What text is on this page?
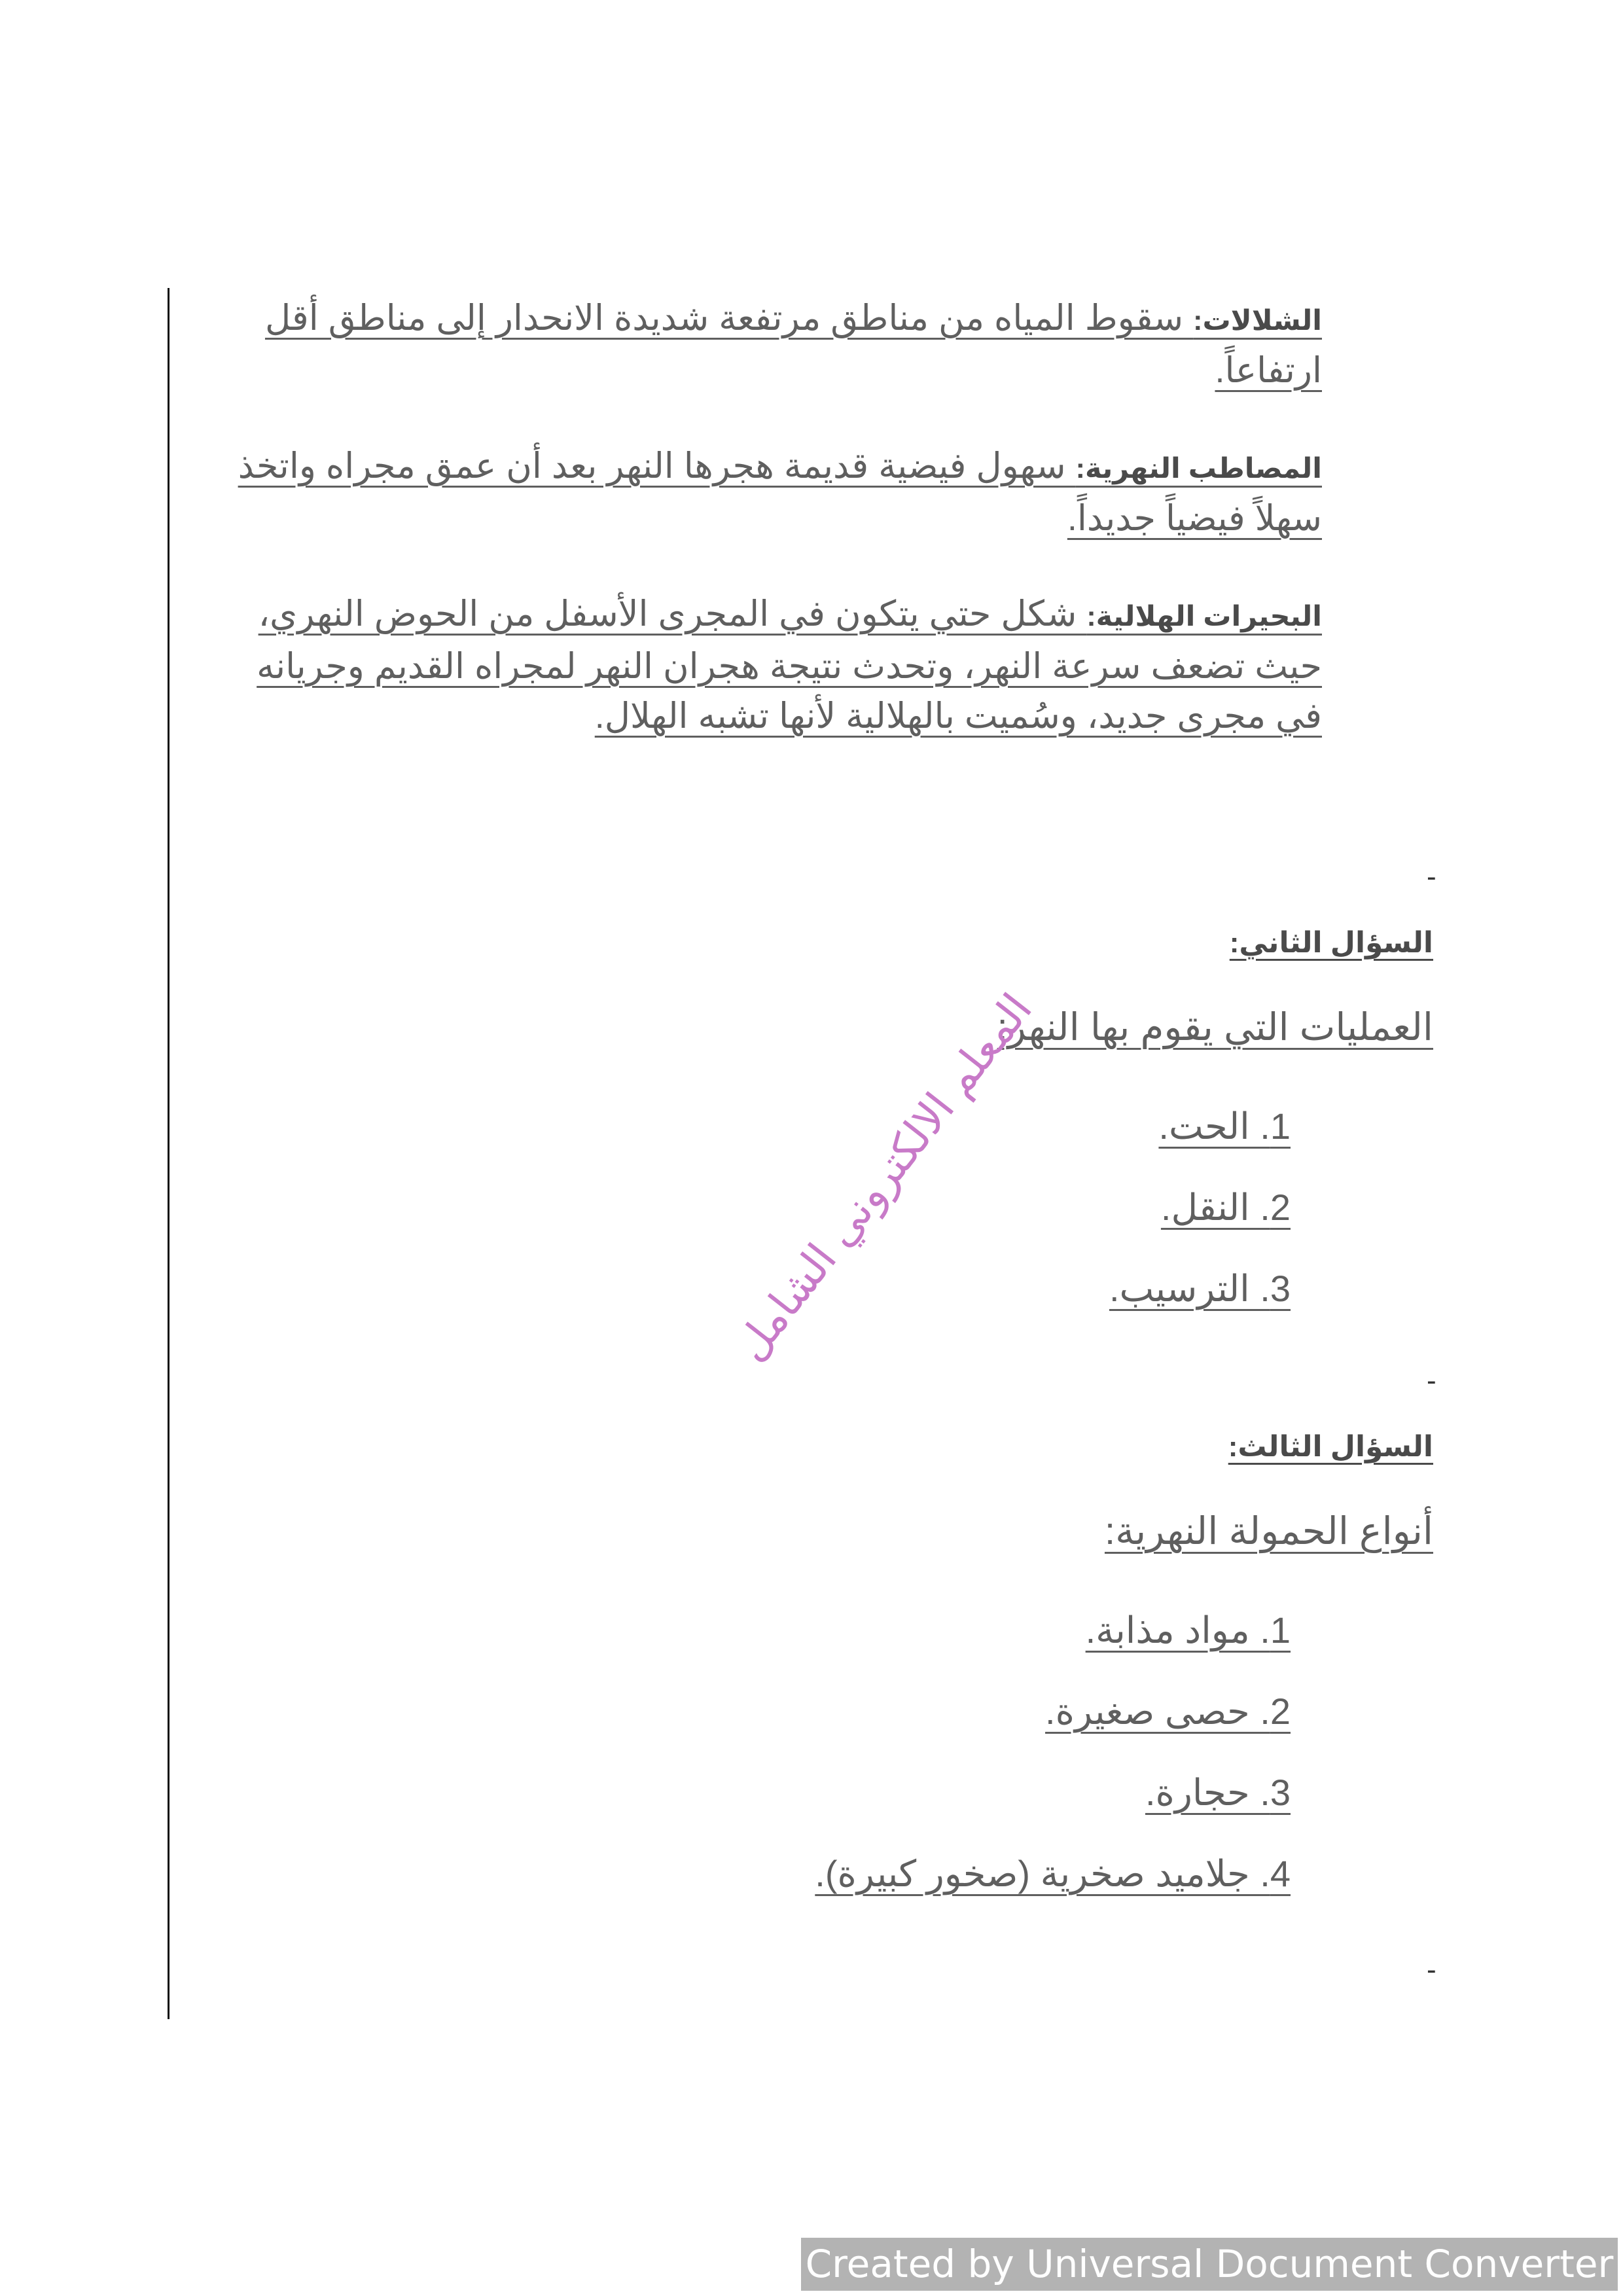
الشلالات: سقوط المياه من مناطق مرتفعة شديدة الانحدار إلى مناطق أقل ارتفاعاً.
المصاطب النهرية: سهول فيضية قديمة هجرها النهر بعد أن عمق مجراه واتخذ سهلاً فيضياً جديداً.
البحيرات الهلالية: شكل حتي يتكون في المجرى الأسفل من الحوض النهري، حيث تضعف سرعة النهر، وتحدث نتيجة هجران النهر لمجراه القديم وجريانه في مجرى جديد، وسُميت بالهلالية لأنها تشبه الهلال.
-
السؤال الثاني:
العمليات التي يقوم بها النهر:
1. الحت.
2. النقل.
3. الترسيب.
-
السؤال الثالث:
أنواع الحمولة النهرية:
1. مواد مذابة.
2. حصى صغيرة.
3. حجارة.
4. جلاميد صخرية (صخور كبيرة).
-
المعلم الالكتروني الشامل
Created by Universal Document Converter
